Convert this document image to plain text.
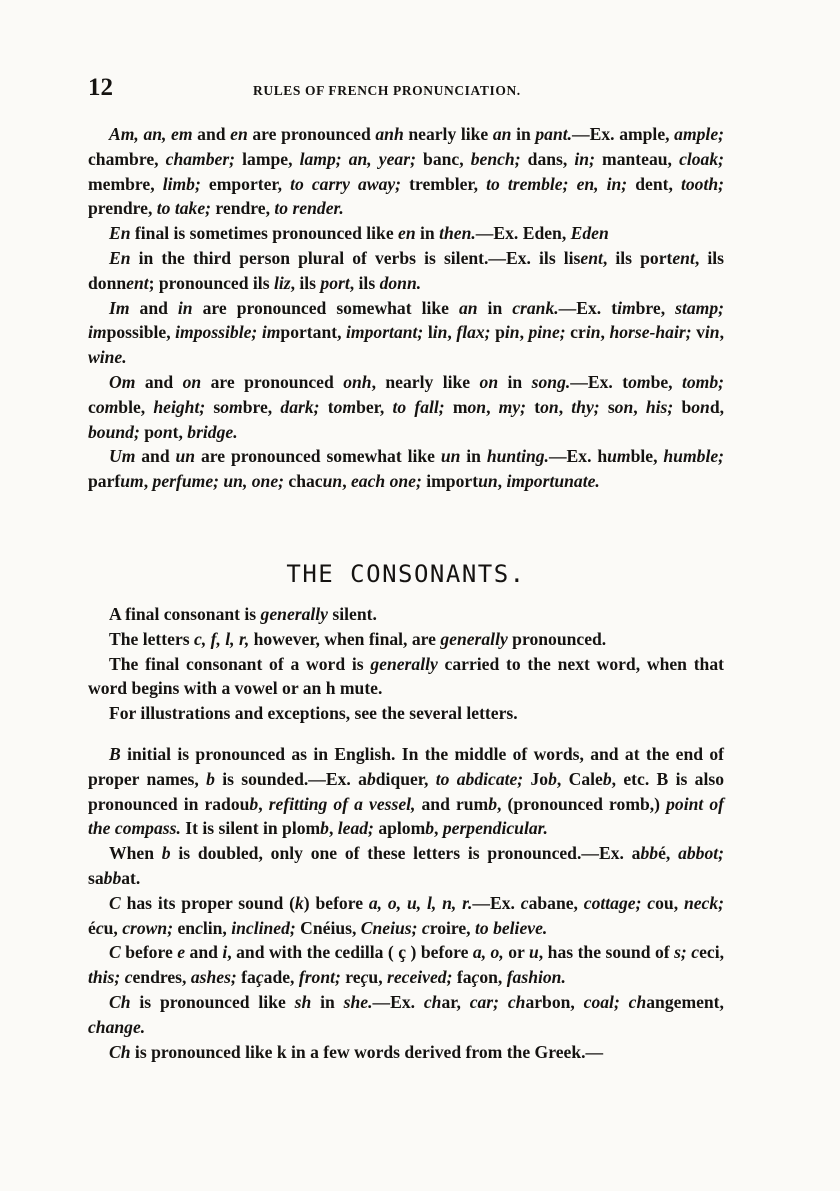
12	RULES OF FRENCH PRONUNCIATION.

Am, an, em and en are pronounced anh nearly like an in pant.—Ex. ample, ample; chambre, chamber; lampe, lamp; an, year; banc, bench; dans, in; manteau, cloak; membre, limb; emporter, to carry away; trembler, to tremble; en, in; dent, tooth; prendre, to take; rendre, to render.

En final is sometimes pronounced like en in then.—Ex. Eden, Eden

En in the third person plural of verbs is silent.—Ex. ils lisent, ils portent, ils donnent; pronounced ils liz, ils port, ils donn.

Im and in are pronounced somewhat like an in crank.—Ex. timbre, stamp; impossible, impossible; important, important; lin, flax; pin, pine; crin, horse-hair; vin, wine.

Om and on are pronounced onh, nearly like on in song.—Ex. tombe, tomb; comble, height; sombre, dark; tomber, to fall; mon, my; ton, thy; son, his; bond, bound; pont, bridge.

Um and un are pronounced somewhat like un in hunting.—Ex. humble, humble; parfum, perfume; un, one; chacun, each one; importun, importunate.

THE CONSONANTS.

A final consonant is generally silent.

The letters c, f, l, r, however, when final, are generally pronounced.

The final consonant of a word is generally carried to the next word, when that word begins with a vowel or an h mute.

For illustrations and exceptions, see the several letters.

B initial is pronounced as in English. In the middle of words, and at the end of proper names, b is sounded.—Ex. abdiquer, to abdicate; Job, Caleb, etc. B is also pronounced in radoub, refitting of a vessel, and rumb, (pronounced romb,) point of the compass. It is silent in plomb, lead; aplomb, perpendicular.

When b is doubled, only one of these letters is pronounced.—Ex. abbé, abbot; sabbat.

C has its proper sound (k) before a, o, u, l, n, r.—Ex. cabane, cottage; cou, neck; écu, crown; enclin, inclined; Cnéius, Cneius; croire, to believe.

C before e and i, and with the cedilla ( ҫ ) before a, o, or u, has the sound of s; ceci, this; cendres, ashes; façade, front; reçu, received; façon, fashion.

Ch is pronounced like sh in she.—Ex. char, car; charbon, coal; changement, change.

Ch is pronounced like k in a few words derived from the Greek.—
